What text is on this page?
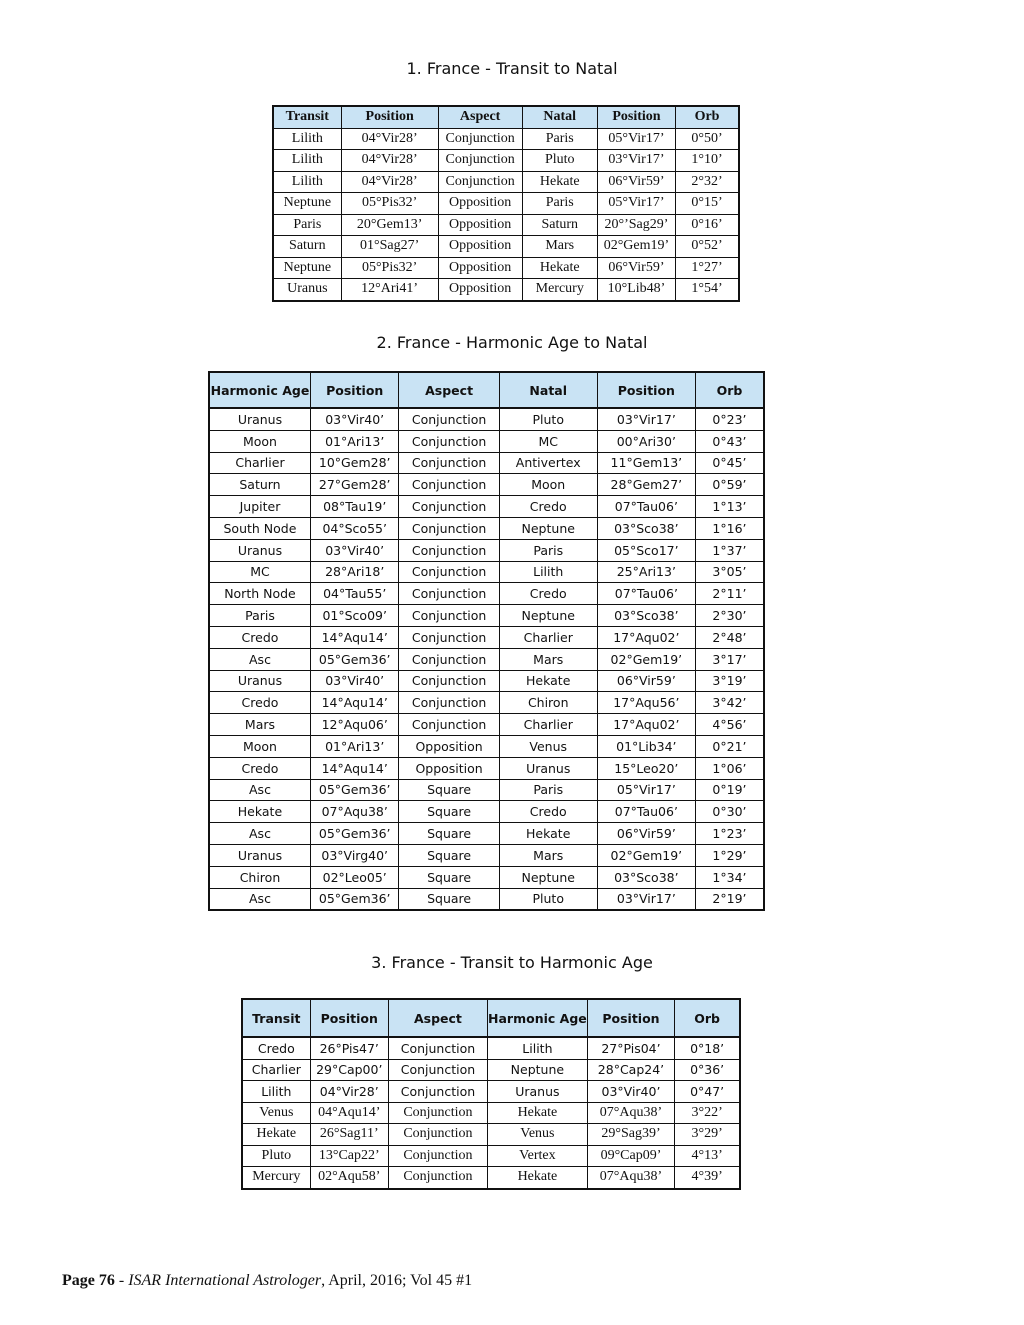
1. France - Transit to Natal
Transit	Position	Aspect	Natal	Position	Orb
Lilith	04°Vir28’	Conjunction	Paris	05°Vir17’	0°50’
Lilith	04°Vir28’	Conjunction	Pluto	03°Vir17’	1°10’
Lilith	04°Vir28’	Conjunction	Hekate	06°Vir59’	2°32’
Neptune	05°Pis32’	Opposition	Paris	05°Vir17’	0°15’
Paris	20°Gem13’	Opposition	Saturn	20°’Sag29’	0°16’
Saturn	01°Sag27’	Opposition	Mars	02°Gem19’	0°52’
Neptune	05°Pis32’	Opposition	Hekate	06°Vir59’	1°27’
Uranus	12°Ari41’	Opposition	Mercury	10°Lib48’	1°54’
2. France - Harmonic Age to Natal
Harmonic Age	Position	Aspect	Natal	Position	Orb
Uranus	03°Vir40’	Conjunction	Pluto	03°Vir17’	0°23’
Moon	01°Ari13’	Conjunction	MC	00°Ari30’	0°43’
Charlier	10°Gem28’	Conjunction	Antivertex	11°Gem13’	0°45’
Saturn	27°Gem28’	Conjunction	Moon	28°Gem27’	0°59’
Jupiter	08°Tau19’	Conjunction	Credo	07°Tau06’	1°13’
South Node	04°Sco55’	Conjunction	Neptune	03°Sco38’	1°16’
Uranus	03°Vir40’	Conjunction	Paris	05°Sco17’	1°37’
MC	28°Ari18’	Conjunction	Lilith	25°Ari13’	3°05’
North Node	04°Tau55’	Conjunction	Credo	07°Tau06’	2°11’
Paris	01°Sco09’	Conjunction	Neptune	03°Sco38’	2°30’
Credo	14°Aqu14’	Conjunction	Charlier	17°Aqu02’	2°48’
Asc	05°Gem36’	Conjunction	Mars	02°Gem19’	3°17’
Uranus	03°Vir40’	Conjunction	Hekate	06°Vir59’	3°19’
Credo	14°Aqu14’	Conjunction	Chiron	17°Aqu56’	3°42’
Mars	12°Aqu06’	Conjunction	Charlier	17°Aqu02’	4°56’
Moon	01°Ari13’	Opposition	Venus	01°Lib34’	0°21’
Credo	14°Aqu14’	Opposition	Uranus	15°Leo20’	1°06’
Asc	05°Gem36’	Square	Paris	05°Vir17’	0°19’
Hekate	07°Aqu38’	Square	Credo	07°Tau06’	0°30’
Asc	05°Gem36’	Square	Hekate	06°Vir59’	1°23’
Uranus	03°Virg40’	Square	Mars	02°Gem19’	1°29’
Chiron	02°Leo05’	Square	Neptune	03°Sco38’	1°34’
Asc	05°Gem36’	Square	Pluto	03°Vir17’	2°19’
3. France - Transit to Harmonic Age
Transit	Position	Aspect	Harmonic Age	Position	Orb
Credo	26°Pis47’	Conjunction	Lilith	27°Pis04’	0°18’
Charlier	29°Cap00’	Conjunction	Neptune	28°Cap24’	0°36’
Lilith	04°Vir28’	Conjunction	Uranus	03°Vir40’	0°47’
Venus	04°Aqu14’	Conjunction	Hekate	07°Aqu38’	3°22’
Hekate	26°Sag11’	Conjunction	Venus	29°Sag39’	3°29’
Pluto	13°Cap22’	Conjunction	Vertex	09°Cap09’	4°13’
Mercury	02°Aqu58’	Conjunction	Hekate	07°Aqu38’	4°39’
Page 76 - ISAR International Astrologer, April, 2016; Vol 45 #1
